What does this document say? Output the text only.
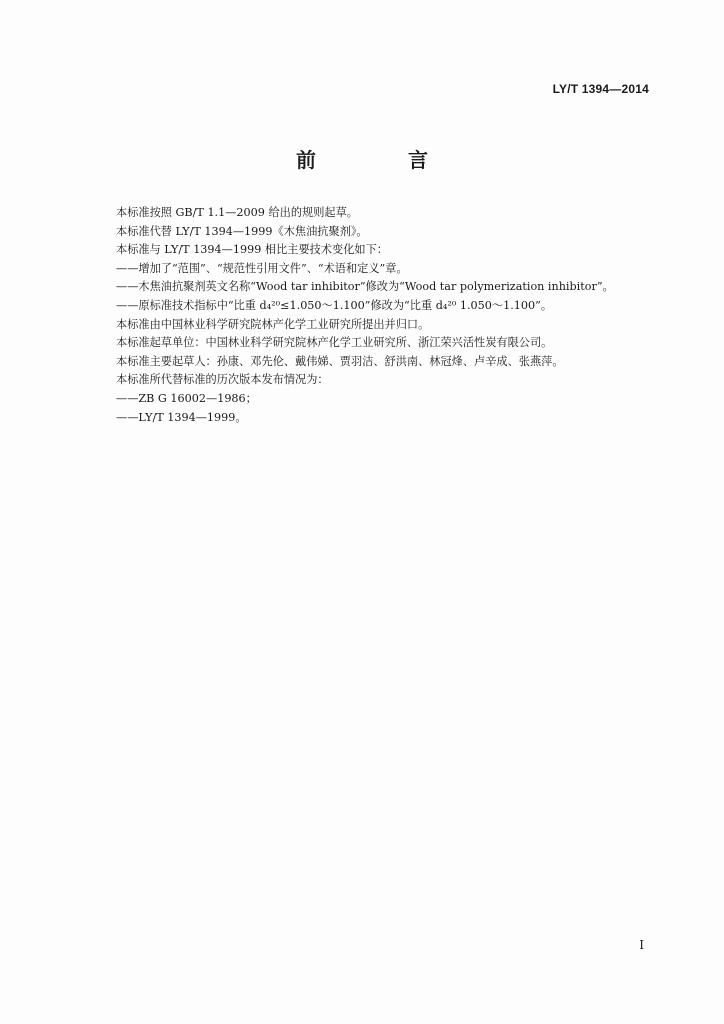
LY/T 1394—2014
前　言

本标准按照 GB/T 1.1—2009 给出的规则起草。

本标准代替 LY/T 1394—1999《木焦油抗聚剂》。

本标准与 LY/T 1394—1999 相比主要技术变化如下：

——增加了“范围”、“规范性引用文件”、“术语和定义”章。

——木焦油抗聚剂英文名称“Wood tar inhibitor”修改为“Wood tar polymerization inhibitor”。

——原标准技术指标中“比重 d₄²⁰≤1.050～1.100”修改为“比重 d₄²⁰ 1.050～1.100”。

本标准由中国林业科学研究院林产化学工业研究所提出并归口。

本标准起草单位：中国林业科学研究院林产化学工业研究所、浙江荣兴活性炭有限公司。

本标准主要起草人：孙康、邓先伦、戴伟娣、贾羽洁、舒洪南、林冠烽、卢辛成、张燕萍。

本标准所代替标准的历次版本发布情况为：

——ZB G 16002—1986；

——LY/T 1394—1999。

I
